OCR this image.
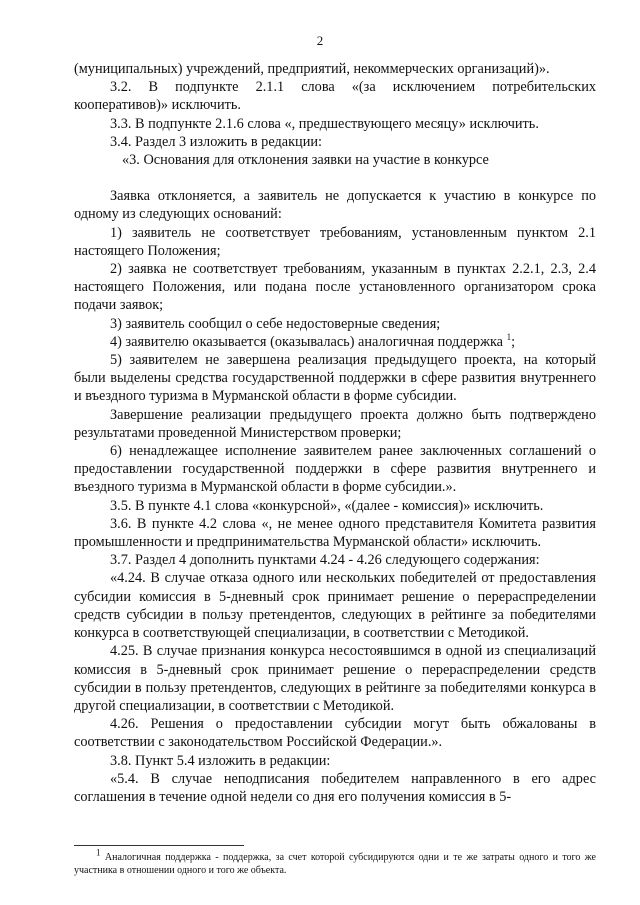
2

(муниципальных) учреждений, предприятий, некоммерческих организаций)».

3.2. В подпункте 2.1.1 слова «(за исключением потребительских кооперативов)» исключить.

3.3. В подпункте 2.1.6 слова «, предшествующего месяцу» исключить.

3.4. Раздел 3 изложить в редакции:

«3. Основания для отклонения заявки на участие в конкурсе

Заявка отклоняется, а заявитель не допускается к участию в конкурсе по одному из следующих оснований:

1) заявитель не соответствует требованиям, установленным пунктом 2.1 настоящего Положения;

2) заявка не соответствует требованиям, указанным в пунктах 2.2.1, 2.3, 2.4 настоящего Положения, или подана после установленного организатором срока подачи заявок;

3) заявитель сообщил о себе недостоверные сведения;

4) заявителю оказывается (оказывалась) аналогичная поддержка $^1$;

5) заявителем не завершена реализация предыдущего проекта, на который были выделены средства государственной поддержки в сфере развития внутреннего и въездного туризма в Мурманской области в форме субсидии.

Завершение реализации предыдущего проекта должно быть подтверждено результатами проведенной Министерством проверки;

6) ненадлежащее исполнение заявителем ранее заключенных соглашений о предоставлении государственной поддержки в сфере развития внутреннего и въездного туризма в Мурманской области в форме субсидии.».

3.5. В пункте 4.1 слова «конкурсной», «(далее - комиссия)» исключить.

3.6. В пункте 4.2 слова «, не менее одного представителя Комитета развития промышленности и предпринимательства Мурманской области» исключить.

3.7. Раздел 4 дополнить пунктами 4.24 - 4.26 следующего содержания:

«4.24. В случае отказа одного или нескольких победителей от предоставления субсидии комиссия в 5-дневный срок принимает решение о перераспределении средств субсидии в пользу претендентов, следующих в рейтинге за победителями конкурса в соответствующей специализации, в соответствии с Методикой.

4.25. В случае признания конкурса несостоявшимся в одной из специализаций комиссия в 5-дневный срок принимает решение о перераспределении средств субсидии в пользу претендентов, следующих в рейтинге за победителями конкурса в другой специализации, в соответствии с Методикой.

4.26. Решения о предоставлении субсидии могут быть обжалованы в соответствии с законодательством Российской Федерации.».

3.8. Пункт 5.4 изложить в редакции:

«5.4. В случае неподписания победителем направленного в его адрес соглашения в течение одной недели со дня его получения комиссия в 5-

$^1$ Аналогичная поддержка - поддержка, за счет которой субсидируются одни и те же затраты одного и того же участника в отношении одного и того же объекта.
